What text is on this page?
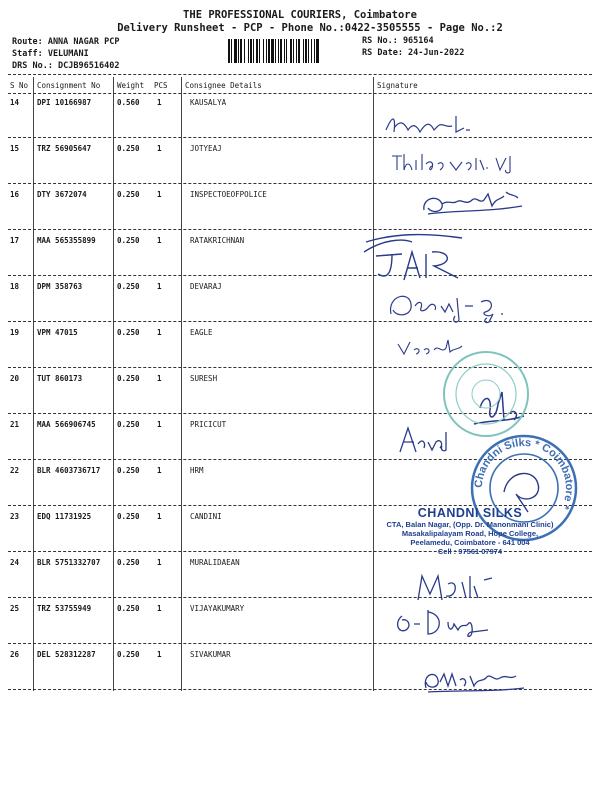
THE PROFESSIONAL COURIERS, Coimbatore
Delivery Runsheet - PCP - Phone No.:0422-3505555 - Page No.:2
Route: ANNA NAGAR PCP
Staff: VELUMANI
DRS No.: DCJB96516402
RS No.: 965164
RS Date: 24-Jun-2022
S No Consignment No Weight PCS Consignee Details	Signature
14 DPI 10166987	0.560 1	KAUSALYA
15 TRZ 56905647	0.250 1	JOTYEAJ
16 DTY 3672074	0.250 1	INSPECTOEOFPOLICE
17 MAA 565355899	0.250 1	RATAKRICHNAN
18 DPM 358763	0.250 1	DEVARAJ
19 VPM 47015	0.250 1	EAGLE
20 TUT 860173	0.250 1	SURESH
21 MAA 566906745	0.250 1	PRICICUT
22 BLR 4603736717 0.250 1	HRM
23 EDQ 11731925	0.250 1	CANDINI
24 BLR 5751332707 0.250 1	MURALIDAEAN
25 TRZ 53755949	0.250 1	VIJAYAKUMARY
26 DEL 528312287	0.250 1	SIVAKUMAR
Chandni Silks * Coimbatore *
CHANDNI SILKS
CTA, Balan Nagar, (Opp. Dr. Manonmani Clinic)
Masakalipalayam Road, Hope College,
Peelamedu, Coimbatore - 641 004
Cell : 97561 07974
